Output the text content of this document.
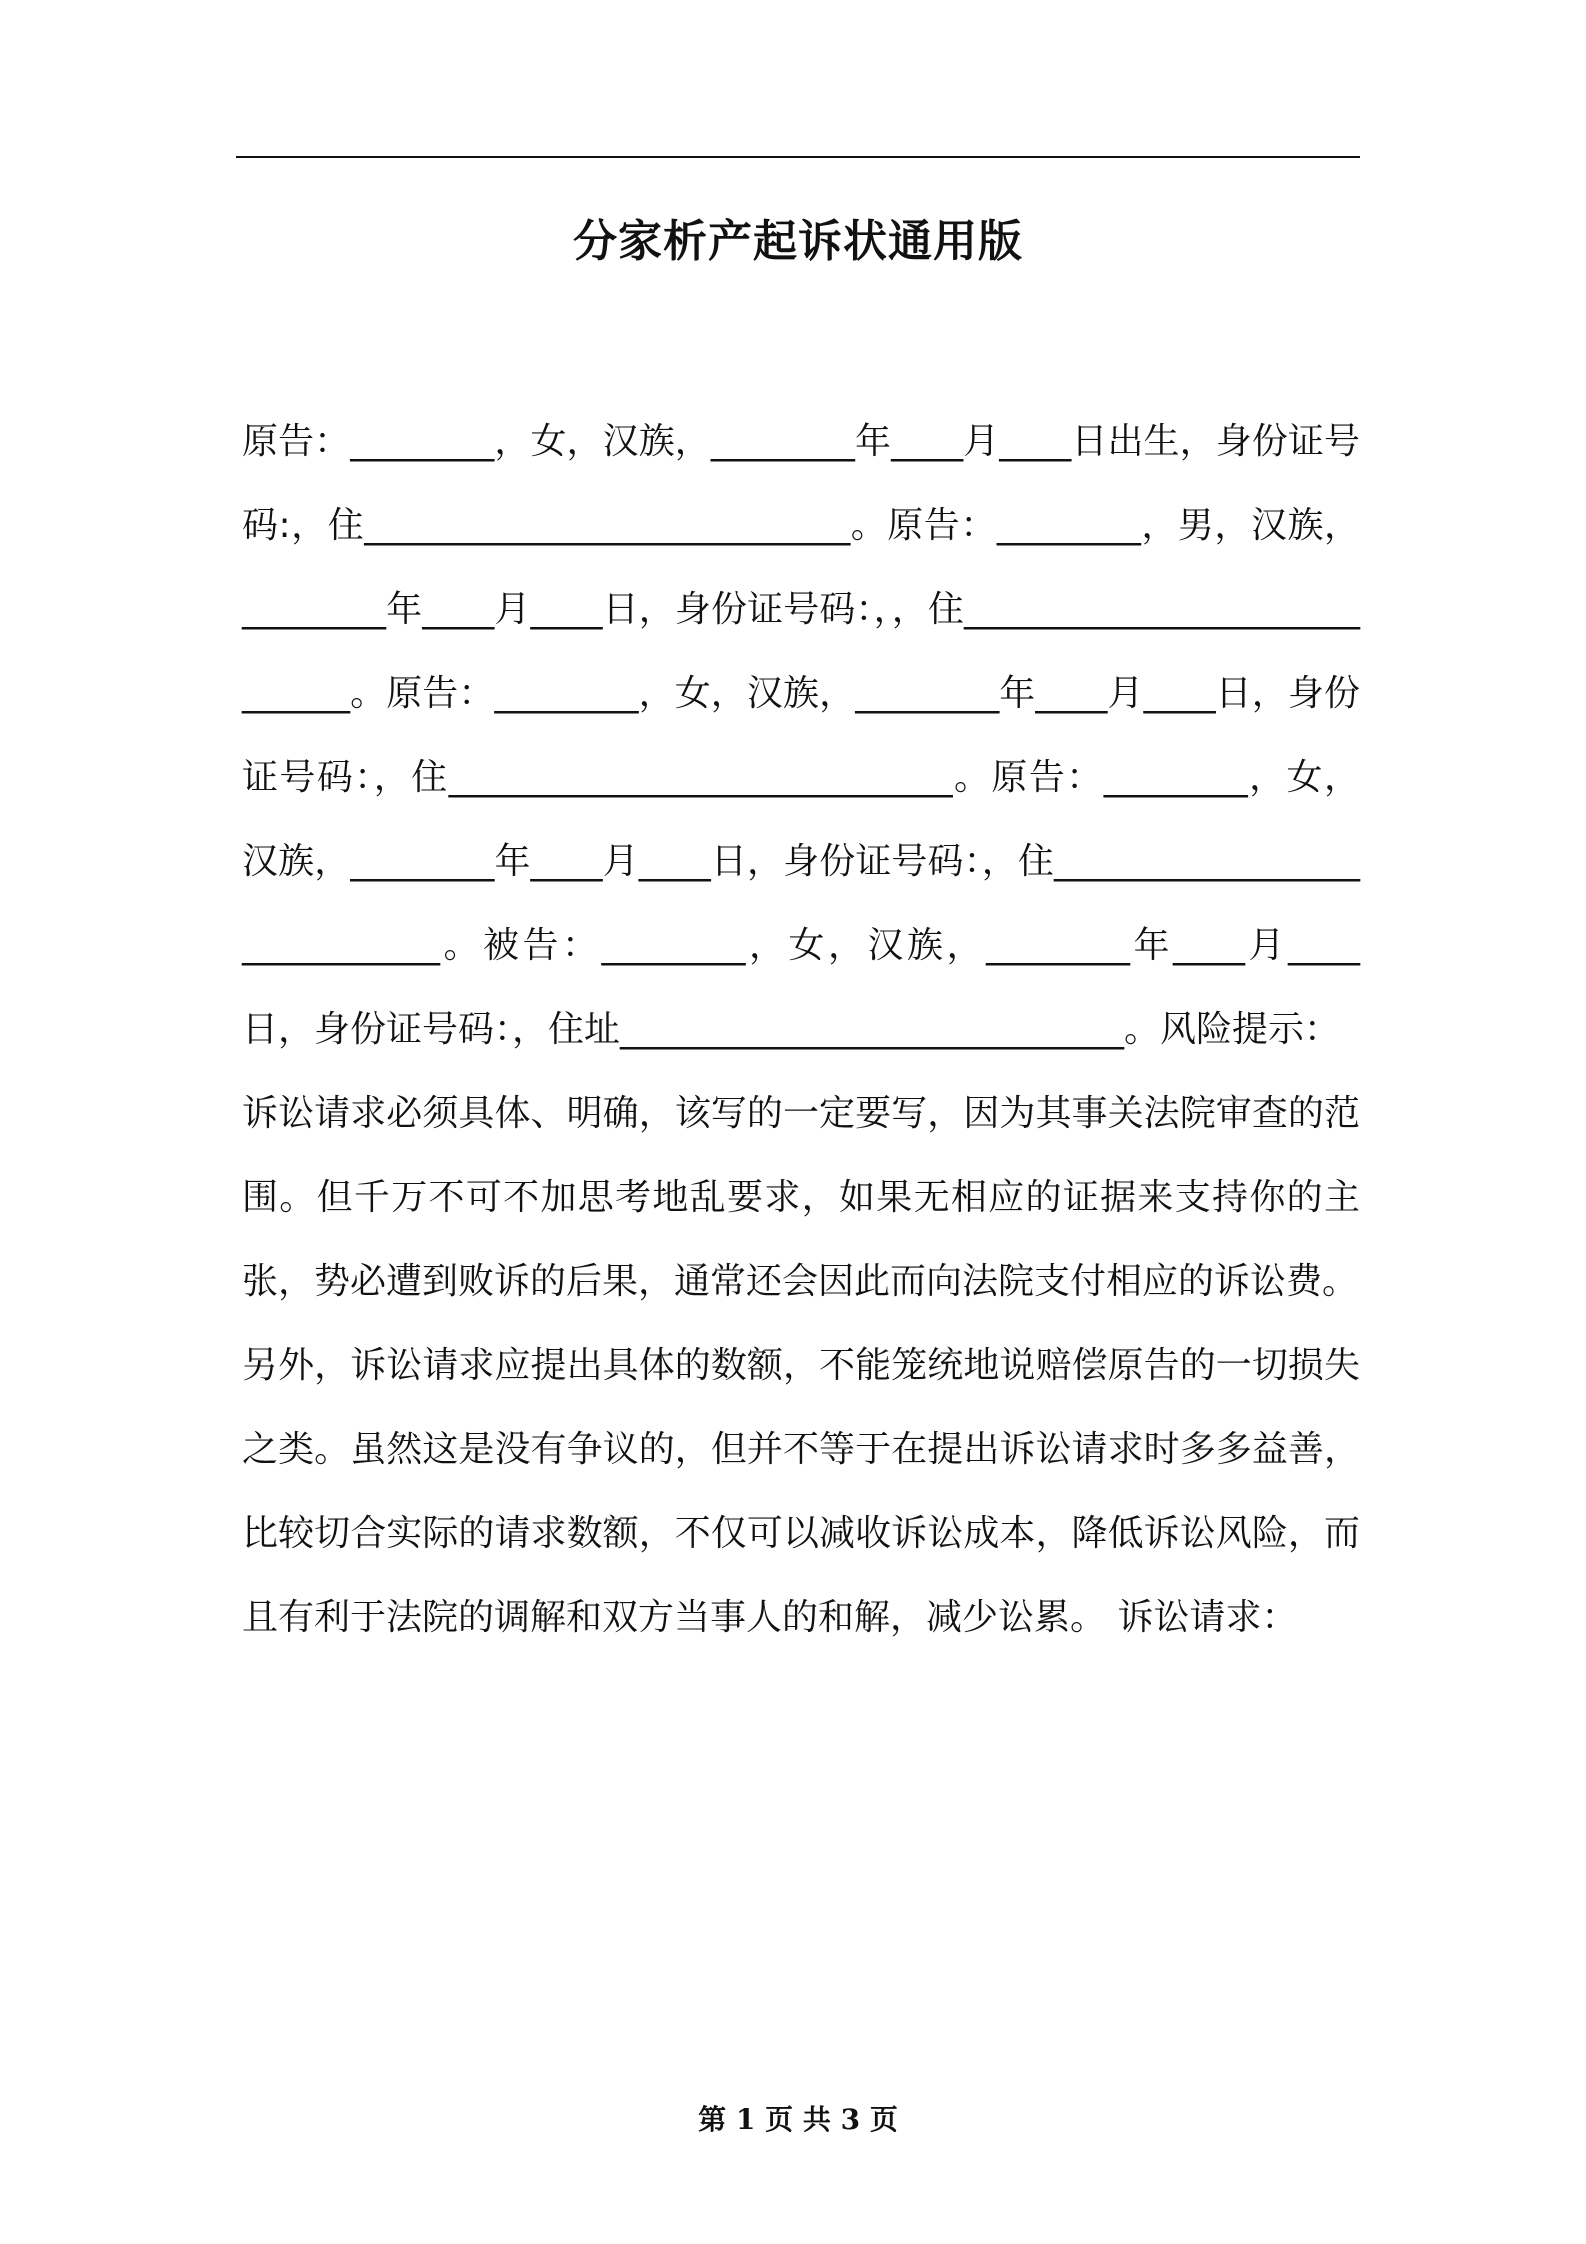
分家析产起诉状通用版

原告：________，女，汉族，________年____月____日出生，身份证号码:，住___________________________。原告：________，男，汉族，________年____月____日，身份证号码：，，住____________________________。原告：________，女，汉族，________年____月____日，身份证号码：，住____________________________。原告：________，女，汉族，________年____月____日，身份证号码：，住____________________________。被告：________，女，汉族，________年____月____日，身份证号码：，住址____________________________。风险提示：

诉讼请求必须具体、明确，该写的一定要写，因为其事关法院审查的范围。但千万不可不加思考地乱要求，如果无相应的证据来支持你的主张，势必遭到败诉的后果，通常还会因此而向法院支付相应的诉讼费。

另外，诉讼请求应提出具体的数额，不能笼统地说赔偿原告的一切损失之类。虽然这是没有争议的，但并不等于在提出诉讼请求时多多益善，比较切合实际的请求数额，不仅可以减收诉讼成本，降低诉讼风险，而且有利于法院的调解和双方当事人的和解，减少讼累。 诉讼请求：

第 1 页 共 3 页
